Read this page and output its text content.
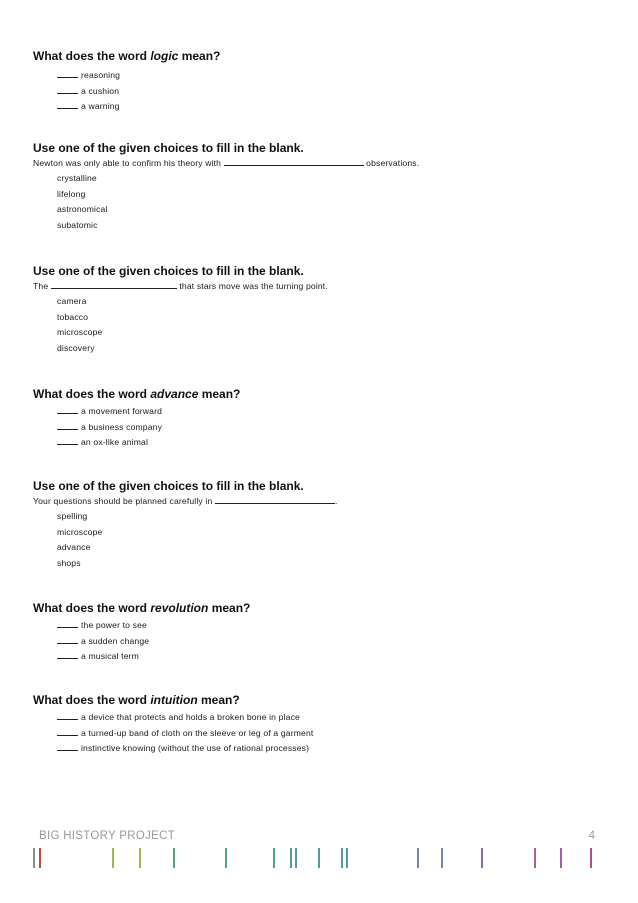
What does the word logic mean?

reasoning
a cushion
a warning

Use one of the given choices to fill in the blank.

Newton was only able to confirm his theory with	observations.
crystalline
lifelong
astronomical
subatomic

Use one of the given choices to fill in the blank.

The	that stars move was the turning point.
camera
tobacco
microscope
discovery

What does the word advance mean?

a movement forward
a business company
an ox-like animal

Use one of the given choices to fill in the blank.

Your questions should be planned carefully in	.
spelling
microscope
advance
shops

What does the word revolution mean?

the power to see
a sudden change
a musical term

What does the word intuition mean?

a device that protects and holds a broken bone in place
a turned-up band of cloth on the sleeve or leg of a garment
instinctive knowing (without the use of rational processes)
BIG HISTORY PROJECT	4
